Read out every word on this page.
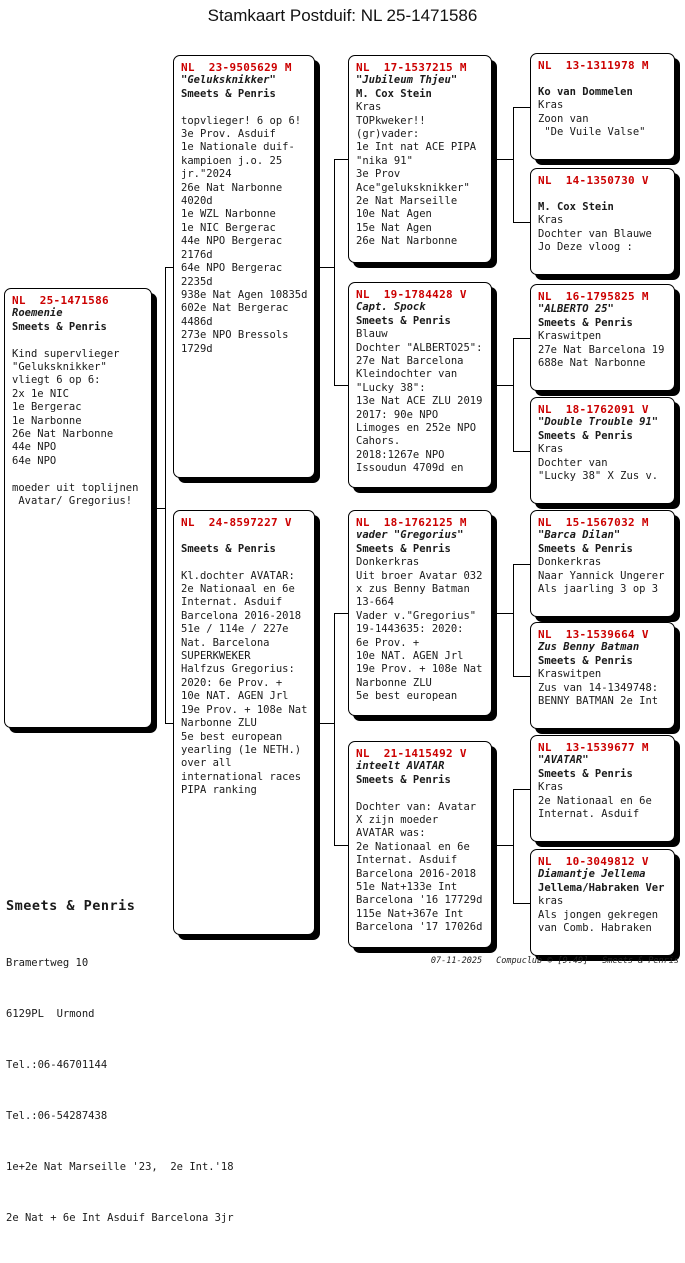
Stamkaart Postduif: NL 25-1471586
NL  25-1471586
Roemenie
Smeets & Penris

Kind supervlieger
"Geluksknikker"
vliegt 6 op 6:
2x 1e NIC
1e Bergerac
1e Narbonne
26e Nat Narbonne
44e NPO
64e NPO

moeder uit toplijnen
Avatar/ Gregorius!
NL  23-9505629 M
"Geluksknikker"
Smeets & Penris

topvlieger! 6 op 6!
3e Prov. Asduif
1e Nationale duif-
kampioen j.o. 25
jr."2024
26e Nat Narbonne
4020d
1e WZL Narbonne
1e NIC Bergerac
44e NPO Bergerac
2176d
64e NPO Bergerac
2235d
938e Nat Agen 10835d
602e Nat Bergerac
4486d
273e NPO Bressols
1729d
NL  24-8597227 V

Smeets & Penris

Kl.dochter AVATAR:
2e Nationaal en 6e
Internat. Asduif
Barcelona 2016-2018
51e / 114e / 227e
Nat. Barcelona
SUPERKWEKER
Halfzus Gregorius:
2020: 6e Prov. +
10e NAT. AGEN Jrl
19e Prov. + 108e Nat
Narbonne ZLU
5e best european
yearling (1e NETH.)
over all
international races
PIPA ranking
NL  17-1537215 M
"Jubileum Thjeu"
M. Cox Stein
Kras
TOPkweker!!
(gr)vader:
1e Int nat ACE PIPA
"nika 91"
3e Prov
Ace"geluksknikker"
2e Nat Marseille
10e Nat Agen
15e Nat Agen
26e Nat Narbonne
NL  19-1784428 V
Capt. Spock
Smeets & Penris
Blauw
Dochter "ALBERTO25":
27e Nat Barcelona
Kleindochter van
"Lucky 38":
13e Nat ACE ZLU 2019
2017: 90e NPO
Limoges en 252e NPO
Cahors.
2018:1267e NPO
Issoudun 4709d en
NL  18-1762125 M
vader "Gregorius"
Smeets & Penris
Donkerkras
Uit broer Avatar 032
x zus Benny Batman
13-664
Vader v."Gregorius"
19-1443635: 2020:
6e Prov. +
10e NAT. AGEN Jrl
19e Prov. + 108e Nat
Narbonne ZLU
5e best european
NL  21-1415492 V
inteelt AVATAR
Smeets & Penris

Dochter van: Avatar
X zijn moeder
AVATAR was:
2e Nationaal en 6e
Internat. Asduif
Barcelona 2016-2018
51e Nat+133e Int
Barcelona '16 17729d
115e Nat+367e Int
Barcelona '17 17026d
NL  13-1311978 M

Ko van Dommelen
Kras
Zoon van
"De Vuile Valse"
NL  14-1350730 V

M. Cox Stein
Kras
Dochter van Blauwe
Jo Deze vloog :
NL  16-1795825 M
"ALBERTO 25"
Smeets & Penris
Kraswitpen
27e Nat Barcelona 19
688e Nat Narbonne
NL  18-1762091 V
"Double Trouble 91"
Smeets & Penris
Kras
Dochter van
"Lucky 38" X Zus v.
NL  15-1567032 M
"Barca Dilan"
Smeets & Penris
Donkerkras
Naar Yannick Ungerer
Als jaarling 3 op 3
NL  13-1539664 V
Zus Benny Batman
Smeets & Penris
Kraswitpen
Zus van 14-1349748:
BENNY BATMAN 2e Int
NL  13-1539677 M
"AVATAR"
Smeets & Penris
Kras
2e Nationaal en 6e
Internat. Asduif
NL  10-3049812 V
Diamantje Jellema
Jellema/Habraken Ver
kras
Als jongen gekregen
van Comb. Habraken

Smeets & Penris

Bramertweg 10

6129PL  Urmond

Tel.:06-46701144

Tel.:06-54287438

1e+2e Nat Marseille '23,  2e Int.'18

2e Nat + 6e Int Asduif Barcelona 3jr

07-11-2025 Compuclub © [9.49] Smeets & Penris
